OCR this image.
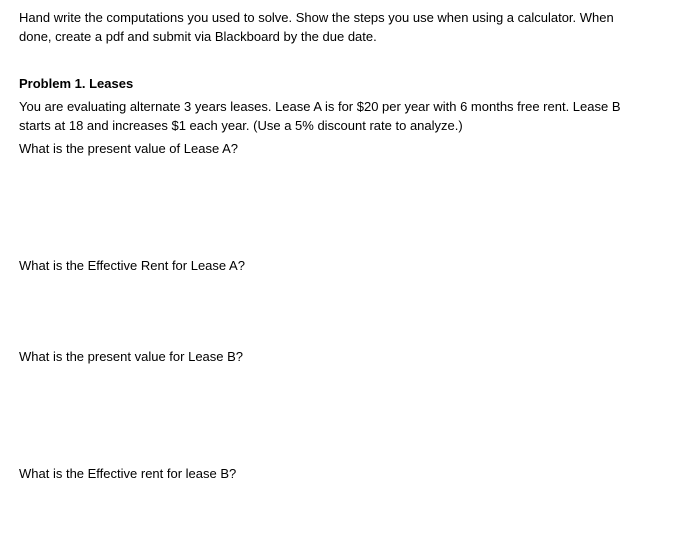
Hand write the computations you used to solve. Show the steps you use when using a calculator. When

done, create a pdf and submit via Blackboard by the due date.

Problem 1. Leases

You are evaluating alternate 3 years leases. Lease A is for $20 per year with 6 months free rent. Lease B

starts at 18 and increases $1 each year. (Use a 5% discount rate to analyze.)

What is the present value of Lease A?

What is the Effective Rent for Lease A?

What is the present value for Lease B?

What is the Effective rent for lease B?
